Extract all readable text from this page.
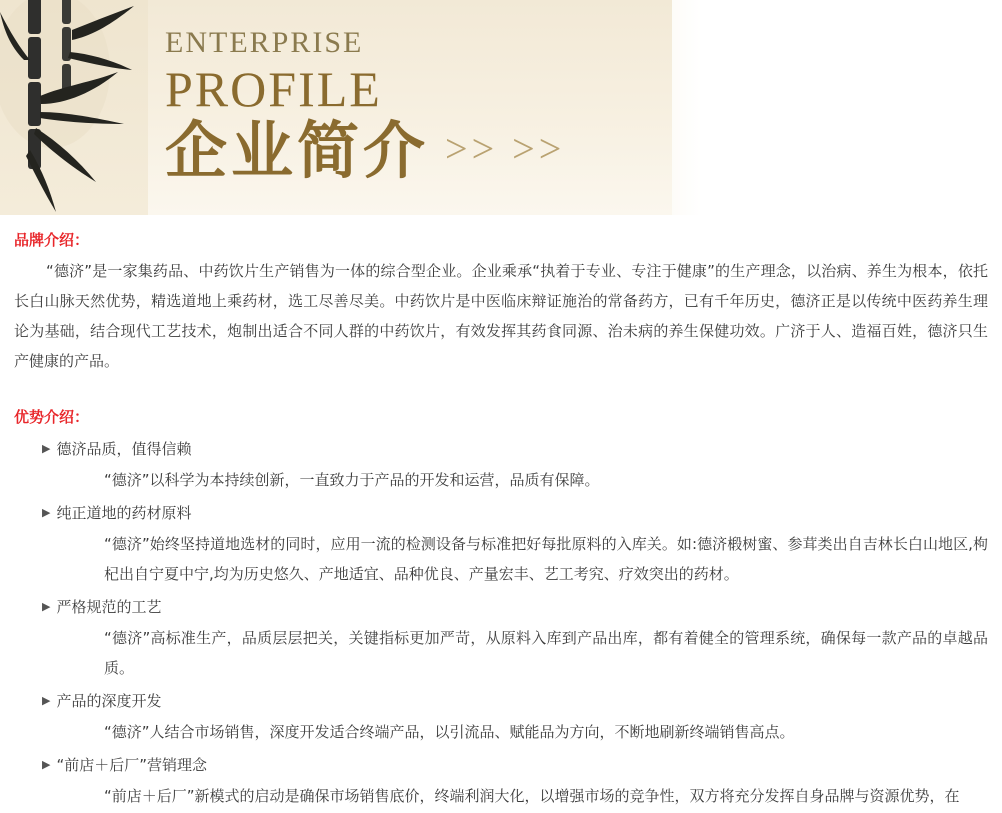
ENTERPRISE
PROFILE
企业简介 >> >>
品牌介绍：

“德济”是一家集药品、中药饮片生产销售为一体的综合型企业。企业乘承“执着于专业、专注于健康”的生产理念，以治病、养生为根本，依托长白山脉天然优势，精选道地上乘药材，选工尽善尽美。中药饮片是中医临床辩证施治的常备药方，已有千年历史，德济正是以传统中医药养生理论为基础，结合现代工艺技术，炮制出适合不同人群的中药饮片，有效发挥其药食同源、治未病的养生保健功效。广济于人、造福百姓，德济只生产健康的产品。

优势介绍：
▶ 德济品质，值得信赖
“德济”以科学为本持续创新，一直致力于产品的开发和运营，品质有保障。
▶ 纯正道地的药材原料
“德济”始终坚持道地选材的同时，应用一流的检测设备与标准把好每批原料的入库关。如:德济椴树蜜、参茸类出自吉林长白山地区,枸杞出自宁夏中宁,均为历史悠久、产地适宜、品种优良、产量宏丰、艺工考究、疗效突出的药材。
▶ 严格规范的工艺
“德济”高标准生产，品质层层把关，关键指标更加严苛，从原料入库到产品出库，都有着健全的管理系统，确保每一款产品的卓越品质。
▶ 产品的深度开发
“德济”人结合市场销售，深度开发适合终端产品，以引流品、赋能品为方向，不断地刷新终端销售高点。
▶ “前店＋后厂”营销理念
“前店＋后厂”新模式的启动是确保市场销售底价，终端利润大化，以增强市场的竞争性，双方将充分发挥自身品牌与资源优势，在
